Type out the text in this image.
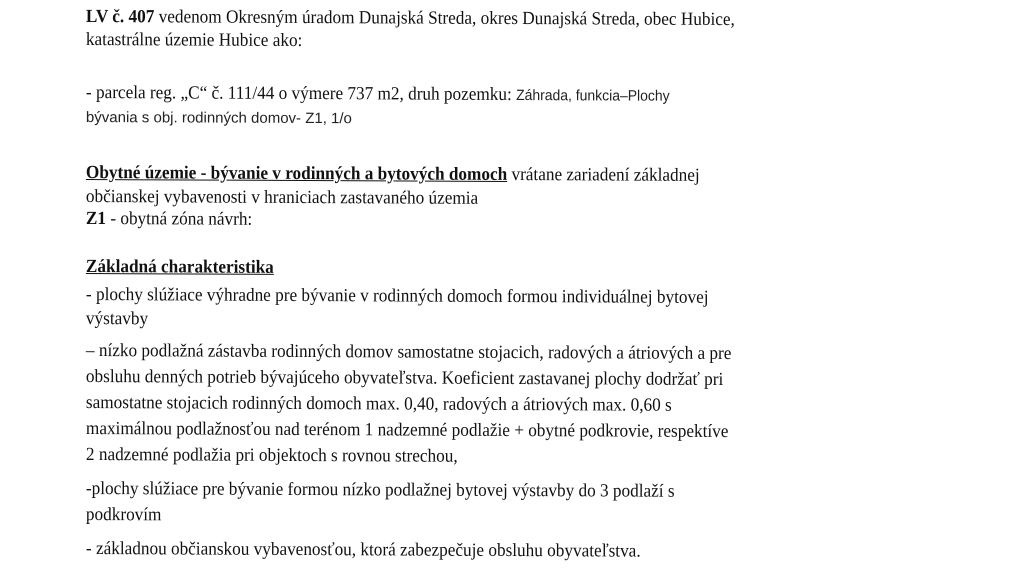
LV č. 407 vedenom Okresným úradom Dunajská Streda, okres Dunajská Streda, obec Hubice,
katastrálne územie Hubice ako:
- parcela reg. „C“ č. 111/44 o výmere 737 m2, druh pozemku: Záhrada, funkcia–Plochy
bývania s obj. rodinných domov- Z1, 1/o
Obytné územie - bývanie v rodinných a bytových domoch vrátane zariadení základnej
občianskej vybavenosti v hraniciach zastavaného územia
Z1 - obytná zóna návrh:
Základná charakteristika
- plochy slúžiace výhradne pre bývanie v rodinných domoch formou individuálnej bytovej
výstavby
– nízko podlažná zástavba rodinných domov samostatne stojacich, radových a átriových a pre
obsluhu denných potrieb bývajúceho obyvateľstva. Koeficient zastavanej plochy dodržať pri
samostatne stojacich rodinných domoch max. 0,40, radových a átriových max. 0,60 s
maximálnou podlažnosťou nad terénom 1 nadzemné podlažie + obytné podkrovie, respektíve
2 nadzemné podlažia pri objektoch s rovnou strechou,
-plochy slúžiace pre bývanie formou nízko podlažnej bytovej výstavby do 3 podlaží s
podkrovím
- základnou občianskou vybavenosťou, ktorá zabezpečuje obsluhu obyvateľstva.
